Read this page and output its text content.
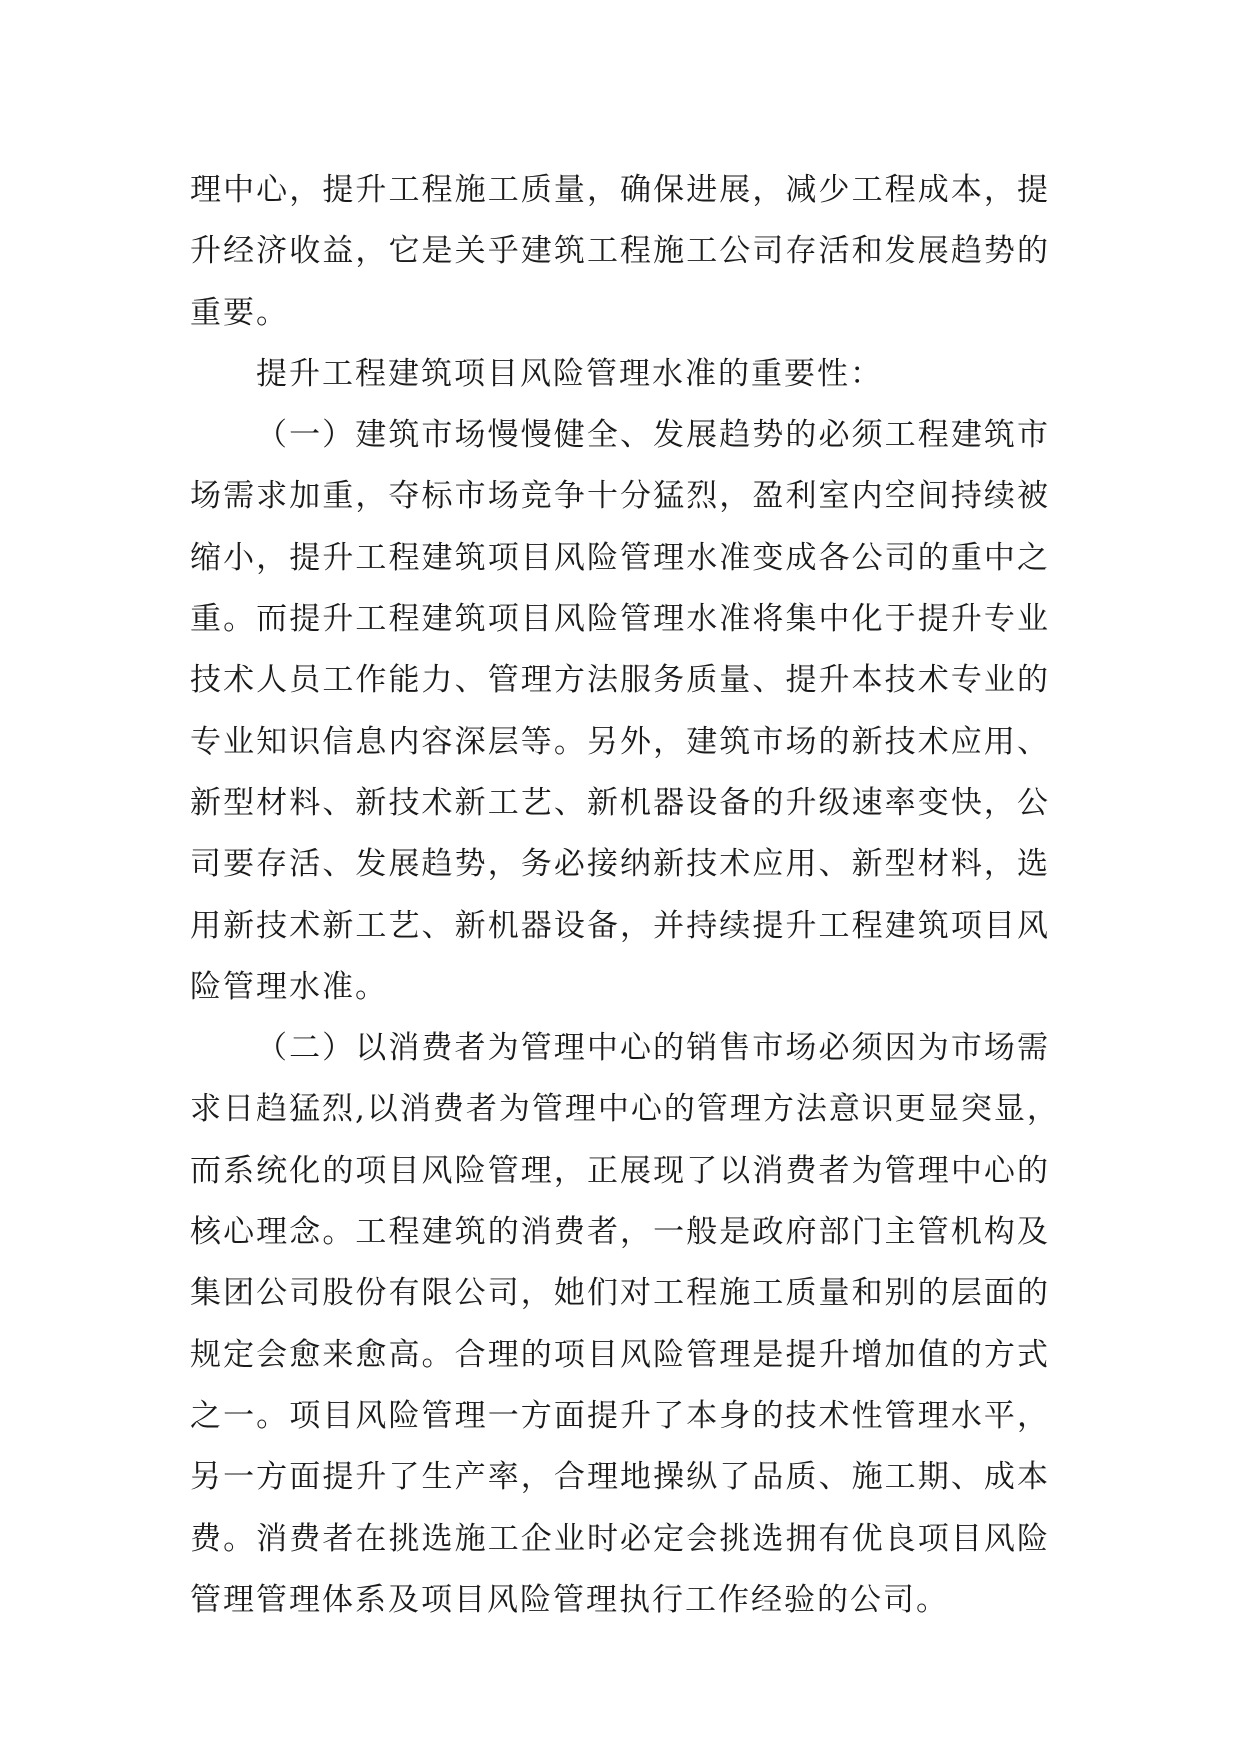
理中心，提升工程施工质量，确保进展，减少工程成本，提
升经济收益，它是关乎建筑工程施工公司存活和发展趋势的
重要。
提升工程建筑项目风险管理水准的重要性：
（一）建筑市场慢慢健全、发展趋势的必须工程建筑市
场需求加重，夺标市场竞争十分猛烈，盈利室内空间持续被
缩小，提升工程建筑项目风险管理水准变成各公司的重中之
重。而提升工程建筑项目风险管理水准将集中化于提升专业
技术人员工作能力、管理方法服务质量、提升本技术专业的
专业知识信息内容深层等。另外，建筑市场的新技术应用、
新型材料、新技术新工艺、新机器设备的升级速率变快，公
司要存活、发展趋势，务必接纳新技术应用、新型材料，选
用新技术新工艺、新机器设备，并持续提升工程建筑项目风
险管理水准。
（二）以消费者为管理中心的销售市场必须因为市场需
求日趋猛烈,以消费者为管理中心的管理方法意识更显突显，
而系统化的项目风险管理，正展现了以消费者为管理中心的
核心理念。工程建筑的消费者，一般是政府部门主管机构及
集团公司股份有限公司，她们对工程施工质量和别的层面的
规定会愈来愈高。合理的项目风险管理是提升增加值的方式
之一。项目风险管理一方面提升了本身的技术性管理水平，
另一方面提升了生产率，合理地操纵了品质、施工期、成本
费。消费者在挑选施工企业时必定会挑选拥有优良项目风险
管理管理体系及项目风险管理执行工作经验的公司。
